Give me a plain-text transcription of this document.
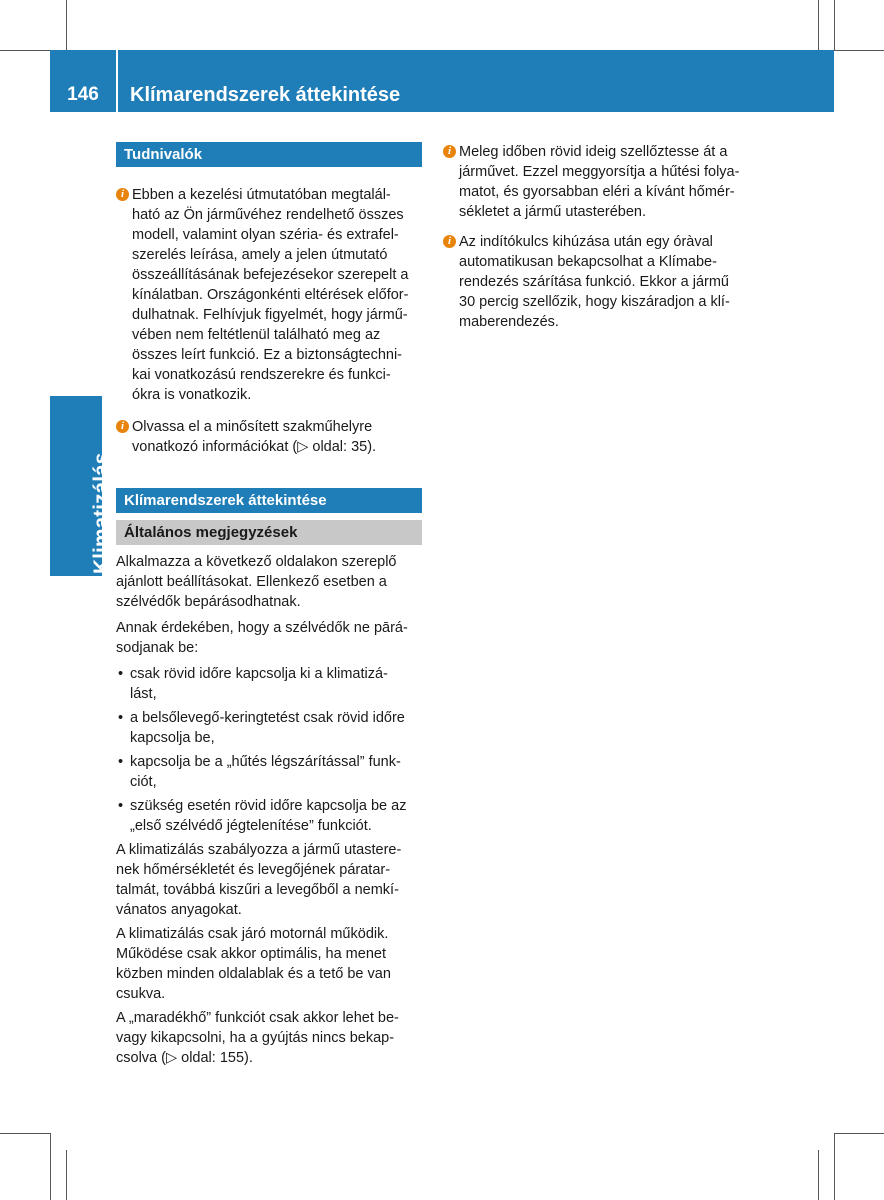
146	Klímarendszerek áttekintése
Klimatizálás
Tudnivalók
i Ebben a kezelési útmutatóban megtalál-
ható az Ön járművéhez rendelhető összes
modell, valamint olyan széria- és extrafel-
szerelés leírása, amely a jelen útmutató
összeállításának befejezésekor szerepelt a
kínálatban. Országonkénti eltérések előfor-
dulhatnak. Felhívjuk figyelmét, hogy jármű-
vében nem feltétlenül található meg az
összes leírt funkció. Ez a biztonságtechni-
kai vonatkozású rendszerekre és funkci-
ókra is vonatkozik.
i Olvassa el a minősített szakműhelyre
vonatkozó információkat (▷ oldal: 35).
Klímarendszerek áttekintése
Általános megjegyzések
Alkalmazza a következő oldalakon szereplő
ajánlott beállításokat. Ellenkező esetben a
szélvédők bepárásodhatnak.
Annak érdekében, hogy a szélvédők ne pārá-
sodjanak be:
• csak rövid időre kapcsolja ki a klimatizá-
lást,
• a belsőlevegő-keringtetést csak rövid időre
kapcsolja be,
• kapcsolja be a „hűtés légszárítással” funk-
ciót,
• szükség esetén rövid időre kapcsolja be az
„első szélvédő jégtelenítése” funkciót.
A klimatizálás szabályozza a jármű utastere-
nek hőmérsékletét és levegőjének páratar-
talmát, továbbá kiszűri a levegőből a nemkí-
vánatos anyagokat.
A klimatizálás csak járó motornál működik.
Működése csak akkor optimális, ha menet
közben minden oldalablak és a tető be van
csukva.
A „maradékhő” funkciót csak akkor lehet be-
vagy kikapcsolni, ha a gyújtás nincs bekap-
csolva (▷ oldal: 155).
i Meleg időben rövid ideig szellőztesse át a
járművet. Ezzel meggyorsítja a hűtési folya-
matot, és gyorsabban eléri a kívánt hőmér-
sékletet a jármű utasterében.
i Az indítókulcs kihúzása után egy óràval
automatikusan bekapcsolhat a Klímabe-
rendezés szárítása funkció. Ekkor a jármű
30 percig szellőzik, hogy kiszáradjon a klí-
maberendezés.
